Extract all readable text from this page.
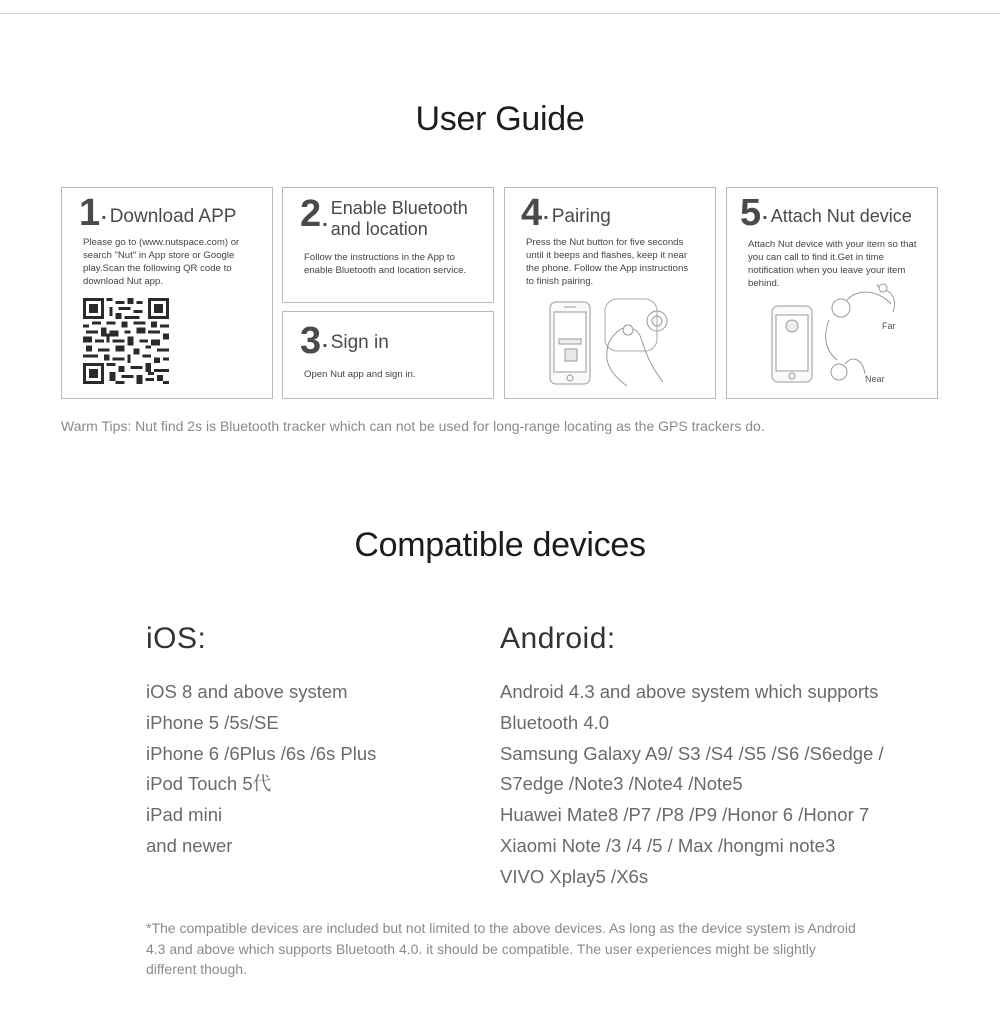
User Guide
1 . Download APP
Please go to (www.nutspace.com) or search "Nut" in App store or Google play.Scan the following QR code to download Nut app.
2 .
Enable Bluetooth and location
Follow the instructions in the App to enable Bluetooth and location service.
3 . Sign in
Open Nut app and sign in.
4 . Pairing
Press the Nut button for five seconds until it beeps and flashes, keep it near the phone. Follow the App instructions to finish pairing.
5 . Attach Nut device
Attach Nut device with your item so that you can call to find it.Get in time notification when you leave your item behind.
Far
Near
Warm Tips: Nut find 2s is Bluetooth tracker which can not be used for long-range locating as the GPS trackers do.
Compatible devices
iOS:
iOS 8 and above system
iPhone 5 /5s/SE
iPhone 6 /6Plus /6s /6s Plus
iPod Touch 5代
iPad mini
and newer
Android:
Android 4.3 and above system which supports
Bluetooth 4.0
Samsung Galaxy A9/ S3 /S4 /S5 /S6 /S6edge /
S7edge /Note3 /Note4 /Note5
Huawei Mate8 /P7 /P8 /P9 /Honor 6 /Honor 7
Xiaomi Note /3 /4 /5 / Max /hongmi note3
VIVO Xplay5 /X6s
*The compatible devices are included but not limited to the above devices. As long as the device system is Android 4.3 and above which supports Bluetooth 4.0. it should be compatible. The user experiences might be slightly different though.
